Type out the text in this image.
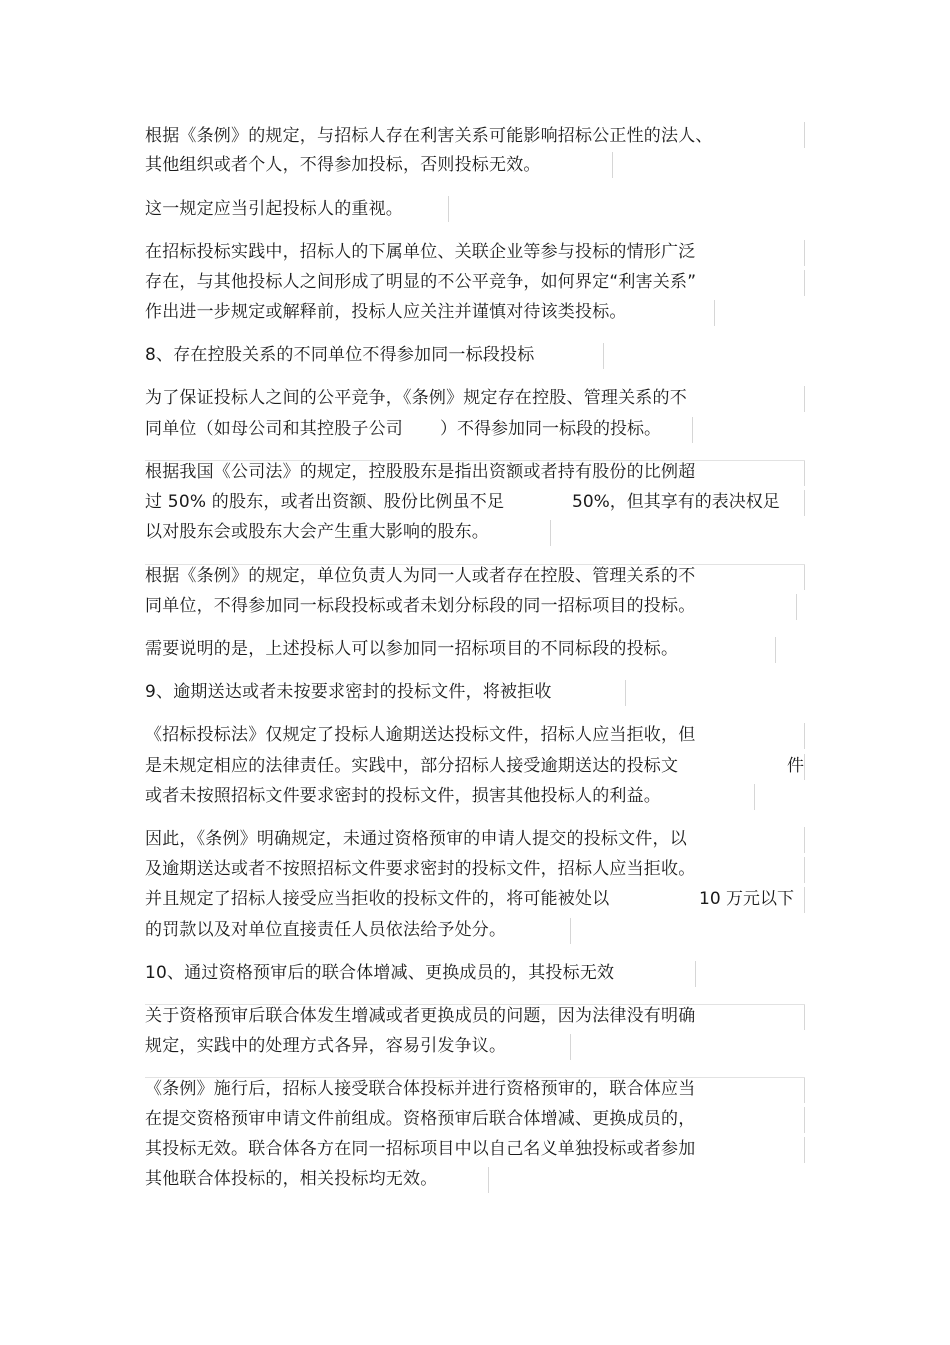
根据《条例》的规定，与招标人存在利害关系可能影响招标公正性的法人、
其他组织或者个人，不得参加投标，否则投标无效。
这一规定应当引起投标人的重视。
在招标投标实践中，招标人的下属单位、关联企业等参与投标的情形广泛
存在，与其他投标人之间形成了明显的不公平竞争，如何界定“利害关系”
作出进一步规定或解释前，投标人应关注并谨慎对待该类投标。
8、存在控股关系的不同单位不得参加同一标段投标
为了保证投标人之间的公平竞争，《条例》规定存在控股、管理关系的不
同单位（如母公司和其控股子公司 ）不得参加同一标段的投标。
根据我国《公司法》的规定，控股股东是指出资额或者持有股份的比例超
过 50% 的股东，或者出资额、股份比例虽不足	50%，但其享有的表决权足
以对股东会或股东大会产生重大影响的股东。
根据《条例》的规定，单位负责人为同一人或者存在控股、管理关系的不
同单位，不得参加同一标段投标或者未划分标段的同一招标项目的投标。
需要说明的是，上述投标人可以参加同一招标项目的不同标段的投标。
9、逾期送达或者未按要求密封的投标文件，将被拒收
《招标投标法》仅规定了投标人逾期送达投标文件，招标人应当拒收，但
是未规定相应的法律责任。实践中，部分招标人接受逾期送达的投标文	件
或者未按照招标文件要求密封的投标文件，损害其他投标人的利益。
因此，《条例》明确规定，未通过资格预审的申请人提交的投标文件，以
及逾期送达或者不按照招标文件要求密封的投标文件，招标人应当拒收。
并且规定了招标人接受应当拒收的投标文件的，将可能被处以	10 万元以下
的罚款以及对单位直接责任人员依法给予处分。
10、通过资格预审后的联合体增减、更换成员的，其投标无效
关于资格预审后联合体发生增减或者更换成员的问题，因为法律没有明确
规定，实践中的处理方式各异，容易引发争议。
《条例》施行后，招标人接受联合体投标并进行资格预审的，联合体应当
在提交资格预审申请文件前组成。资格预审后联合体增减、更换成员的，
其投标无效。联合体各方在同一招标项目中以自己名义单独投标或者参加
其他联合体投标的，相关投标均无效。
